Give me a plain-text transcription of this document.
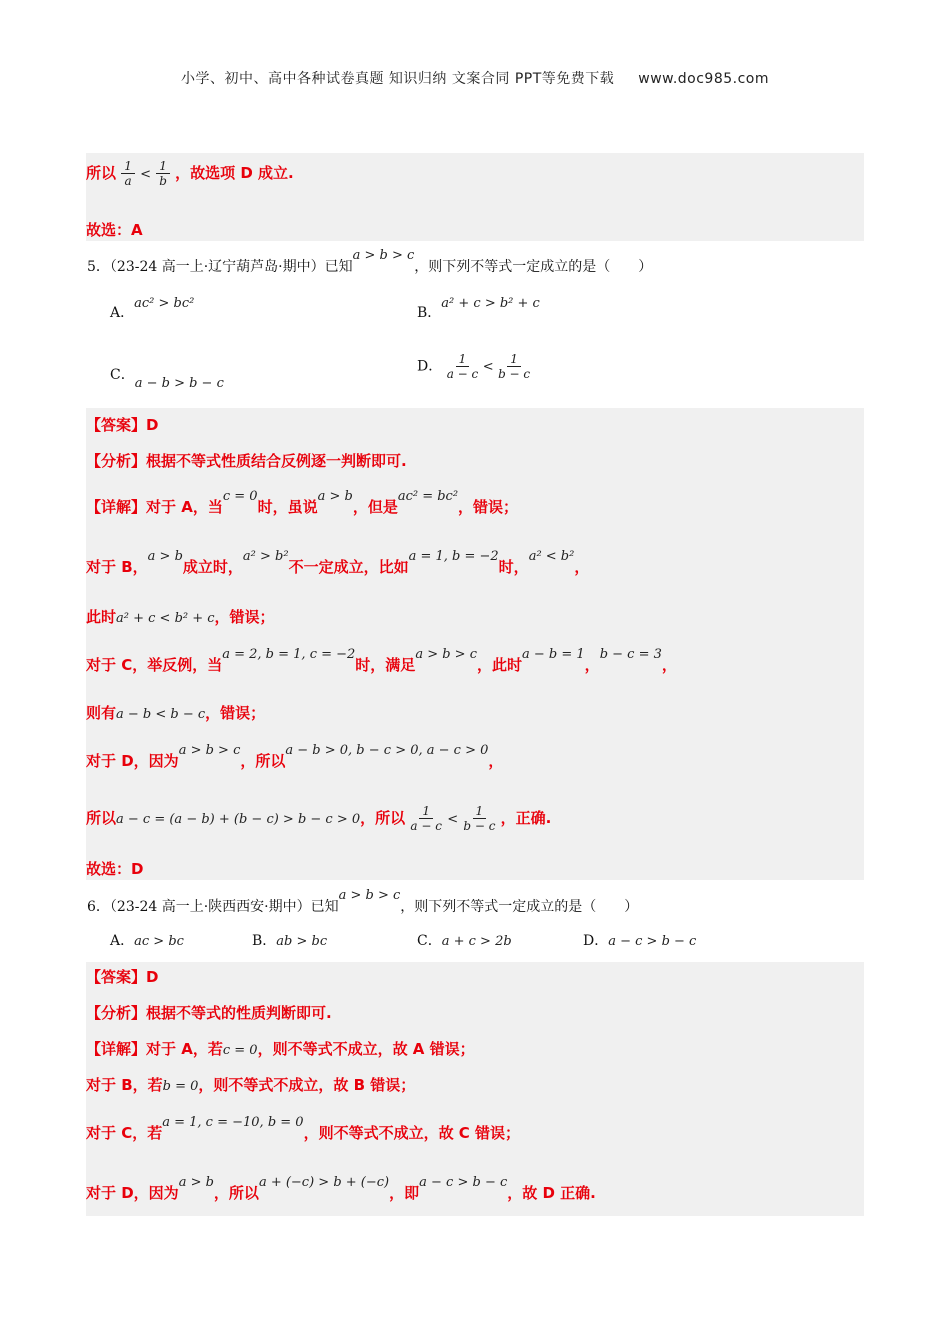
小学、初中、高中各种试卷真题 知识归纳 文案合同 PPT等免费下载 www.doc985.com
所以 $\frac{1}{a} < \frac{1}{b}$ ，故选项 D 成立.
故选：A
5．（23-24 高一上·辽宁葫芦岛·期中）已知a > b > c，则下列不等式一定成立的是（　　）
A．ac² > bc²
B．a² + c > b² + c
C．a − b > b − c
D． $\frac{1}{a - c} < \frac{1}{b - c}$
【答案】D
【分析】根据不等式性质结合反例逐一判断即可.
【详解】对于 A，当c = 0时，虽说a > b，但是ac² = bc²，错误；
对于 B，a > b成立时，a² > b²不一定成立，比如a = 1, b = −2时，a² < b²，
此时a² + c < b² + c，错误；
对于 C，举反例，当a = 2, b = 1, c = −2时，满足a > b > c，此时a − b = 1，b − c = 3，
则有a − b < b − c，错误；
对于 D，因为a > b > c，所以a − b > 0, b − c > 0, a − c > 0，
所以a − c = (a − b) + (b − c) > b − c > 0，所以 $\frac{1}{a - c} < \frac{1}{b - c}$ ，正确.
故选：D
6．（23-24 高一上·陕西西安·期中）已知a > b > c，则下列不等式一定成立的是（　　）
A．ac > bc	B．ab > bc	C．a + c > 2b	D．a − c > b − c
【答案】D
【分析】根据不等式的性质判断即可.
【详解】对于 A，若c = 0，则不等式不成立，故 A 错误；
对于 B，若b = 0，则不等式不成立，故 B 错误；
对于 C，若a = 1, c = −10, b = 0，则不等式不成立，故 C 错误；
对于 D，因为a > b，所以a + (−c) > b + (−c)，即a − c > b − c，故 D 正确.
